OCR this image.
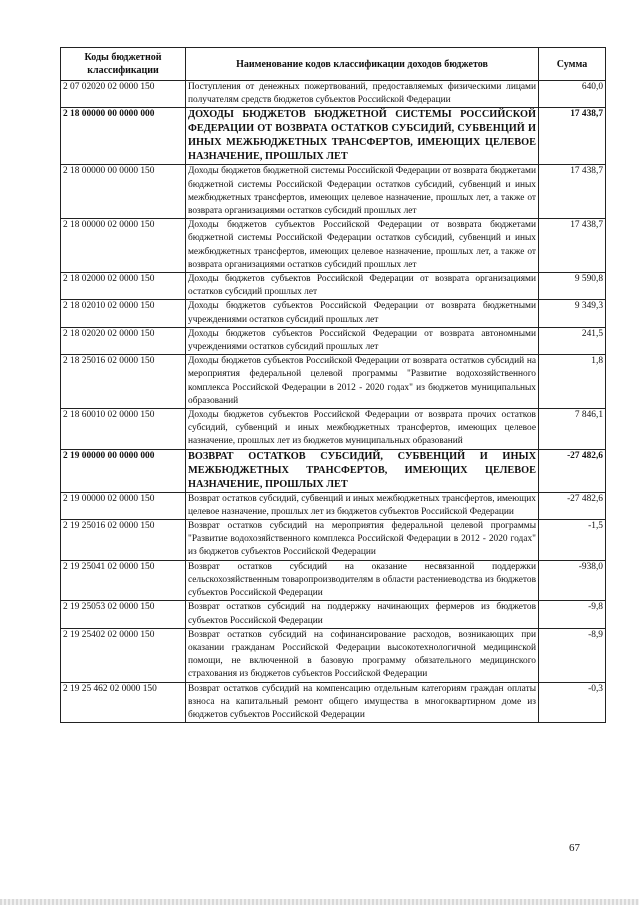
Коды бюджетной классификации	Наименование кодов классификации доходов бюджетов	Сумма
2 07 02020 02 0000 150	Поступления от денежных пожертвований, предоставляемых физическими лицами получателям средств бюджетов субъектов Российской Федерации	640,0
2 18 00000 00 0000 000	ДОХОДЫ БЮДЖЕТОВ БЮДЖЕТНОЙ СИСТЕМЫ РОССИЙСКОЙ ФЕДЕРАЦИИ ОТ ВОЗВРАТА ОСТАТКОВ СУБСИДИЙ, СУБВЕНЦИЙ И ИНЫХ МЕЖБЮДЖЕТНЫХ ТРАНСФЕРТОВ, ИМЕЮЩИХ ЦЕЛЕВОЕ НАЗНАЧЕНИЕ, ПРОШЛЫХ ЛЕТ	17 438,7
2 18 00000 00 0000 150	Доходы бюджетов бюджетной системы Российской Федерации от возврата бюджетами бюджетной системы Российской Федерации остатков субсидий, субвенций и иных межбюджетных трансфертов, имеющих целевое назначение, прошлых лет, а также от возврата организациями остатков субсидий прошлых лет	17 438,7
2 18 00000 02 0000 150	Доходы бюджетов субъектов Российской Федерации от возврата бюджетами бюджетной системы Российской Федерации остатков субсидий, субвенций и иных межбюджетных трансфертов, имеющих целевое назначение, прошлых лет, а также от возврата организациями остатков субсидий прошлых лет	17 438,7
2 18 02000 02 0000 150	Доходы бюджетов субъектов Российской Федерации от возврата организациями остатков субсидий прошлых лет	9 590,8
2 18 02010 02 0000 150	Доходы бюджетов субъектов Российской Федерации от возврата бюджетными учреждениями остатков субсидий прошлых лет	9 349,3
2 18 02020 02 0000 150	Доходы бюджетов субъектов Российской Федерации от возврата автономными учреждениями остатков субсидий прошлых лет	241,5
2 18 25016 02 0000 150	Доходы бюджетов субъектов Российской Федерации от возврата остатков субсидий на мероприятия федеральной целевой программы "Развитие водохозяйственного комплекса Российской Федерации в 2012 - 2020 годах" из бюджетов муниципальных образований	1,8
2 18 60010 02 0000 150	Доходы бюджетов субъектов Российской Федерации от возврата прочих остатков субсидий, субвенций и иных межбюджетных трансфертов, имеющих целевое назначение, прошлых лет из бюджетов муниципальных образований	7 846,1
2 19 00000 00 0000 000	ВОЗВРАТ ОСТАТКОВ СУБСИДИЙ, СУБВЕНЦИЙ И ИНЫХ МЕЖБЮДЖЕТНЫХ ТРАНСФЕРТОВ, ИМЕЮЩИХ ЦЕЛЕВОЕ НАЗНАЧЕНИЕ, ПРОШЛЫХ ЛЕТ	-27 482,6
2 19 00000 02 0000 150	Возврат остатков субсидий, субвенций и иных межбюджетных трансфертов, имеющих целевое назначение, прошлых лет из бюджетов субъектов Российской Федерации	-27 482,6
2 19 25016 02 0000 150	Возврат остатков субсидий на мероприятия федеральной целевой программы "Развитие водохозяйственного комплекса Российской Федерации в 2012 - 2020 годах" из бюджетов субъектов Российской Федерации	-1,5
2 19 25041 02 0000 150	Возврат остатков субсидий на оказание несвязанной поддержки сельскохозяйственным товаропроизводителям в области растениеводства из бюджетов субъектов Российской Федерации	-938,0
2 19 25053 02 0000 150	Возврат остатков субсидий на поддержку начинающих фермеров из бюджетов субъектов Российской Федерации	-9,8
2 19 25402 02 0000 150	Возврат остатков субсидий на софинансирование расходов, возникающих при оказании гражданам Российской Федерации высокотехнологичной медицинской помощи, не включенной в базовую программу обязательного медицинского страхования из бюджетов субъектов Российской Федерации	-8,9
2 19 25 462 02 0000 150	Возврат остатков субсидий на компенсацию отдельным категориям граждан оплаты взноса на капитальный ремонт общего имущества в многоквартирном доме из бюджетов субъектов Российской Федерации	-0,3
67
